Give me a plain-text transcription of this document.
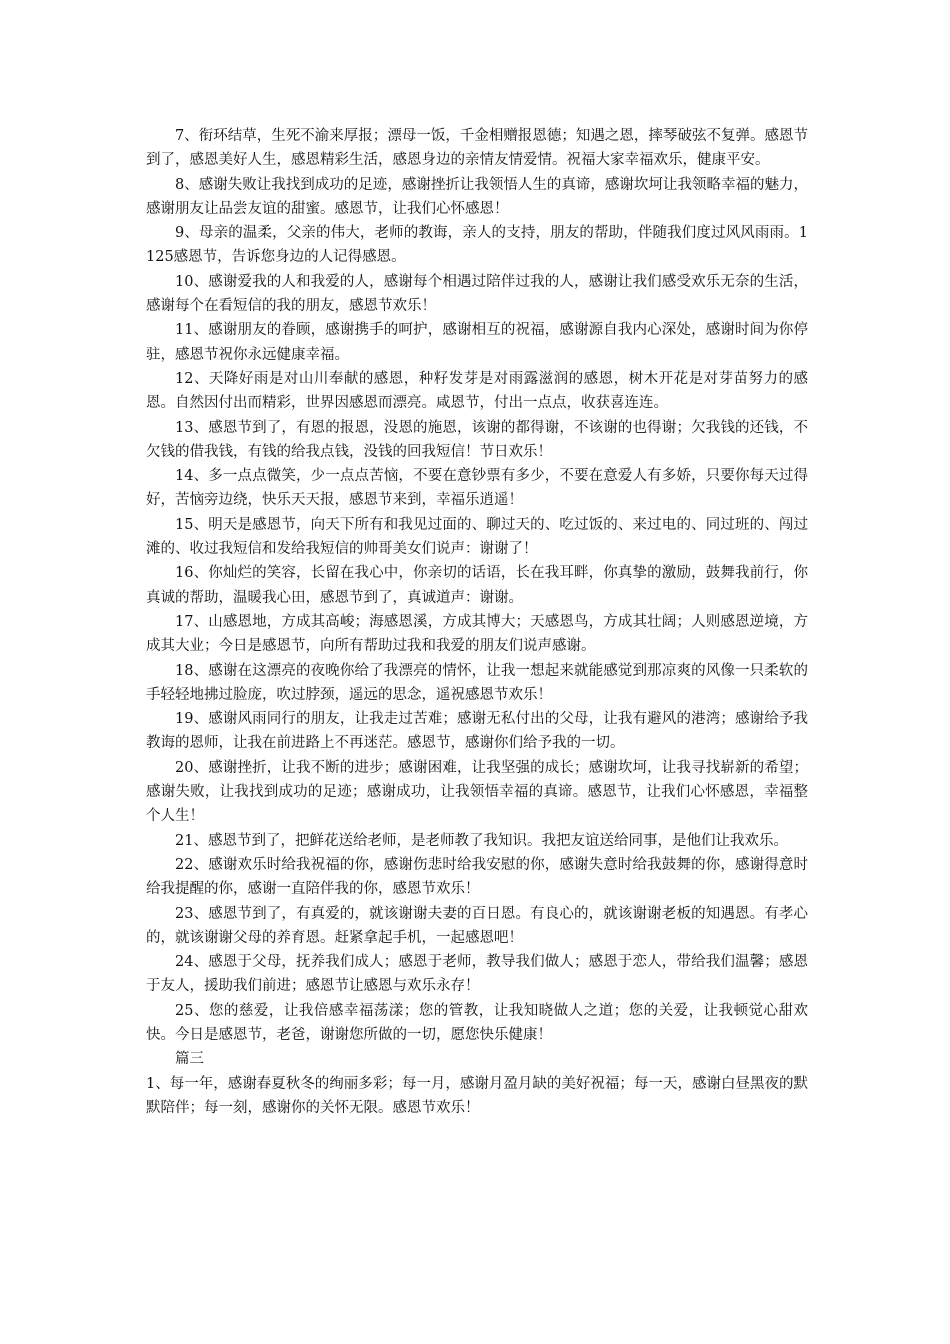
7、衔环结草，生死不渝来厚报；漂母一饭，千金相赠报恩德；知遇之恩，摔琴破弦不复弹。感恩节到了，感恩美好人生，感恩精彩生活，感恩身边的亲情友情爱情。祝福大家幸福欢乐，健康平安。

8、感谢失败让我找到成功的足迹，感谢挫折让我领悟人生的真谛，感谢坎坷让我领略幸福的魅力，感谢朋友让品尝友谊的甜蜜。感恩节，让我们心怀感恩！

9、母亲的温柔，父亲的伟大，老师的教诲，亲人的支持，朋友的帮助，伴随我们度过风风雨雨。1125感恩节，告诉您身边的人记得感恩。

10、感谢爱我的人和我爱的人，感谢每个相遇过陪伴过我的人，感谢让我们感受欢乐无奈的生活，感谢每个在看短信的我的朋友，感恩节欢乐！

11、感谢朋友的眷顾，感谢携手的呵护，感谢相互的祝福，感谢源自我内心深处，感谢时间为你停驻，感恩节祝你永远健康幸福。

12、天降好雨是对山川奉献的感恩，种籽发芽是对雨露滋润的感恩，树木开花是对芽苗努力的感恩。自然因付出而精彩，世界因感恩而漂亮。咸恩节，付出一点点，收获喜连连。

13、感恩节到了，有恩的报恩，没恩的施恩，该谢的都得谢，不该谢的也得谢；欠我钱的还钱，不欠钱的借我钱，有钱的给我点钱，没钱的回我短信！节日欢乐！

14、多一点点微笑，少一点点苦恼，不要在意钞票有多少，不要在意爱人有多娇，只要你每天过得好，苦恼旁边绕，快乐天天报，感恩节来到，幸福乐逍遥！

15、明天是感恩节，向天下所有和我见过面的、聊过天的、吃过饭的、来过电的、同过班的、闯过滩的、收过我短信和发给我短信的帅哥美女们说声：谢谢了！

16、你灿烂的笑容，长留在我心中，你亲切的话语，长在我耳畔，你真挚的激励，鼓舞我前行，你真诚的帮助，温暖我心田，感恩节到了，真诚道声：谢谢。

17、山感恩地，方成其高峻；海感恩溪，方成其博大；天感恩鸟，方成其壮阔；人则感恩逆境，方成其大业；今日是感恩节，向所有帮助过我和我爱的朋友们说声感谢。

18、感谢在这漂亮的夜晚你给了我漂亮的情怀，让我一想起来就能感觉到那凉爽的风像一只柔软的手轻轻地拂过脸庞，吹过脖颈，遥远的思念，遥祝感恩节欢乐！

19、感谢风雨同行的朋友，让我走过苦难；感谢无私付出的父母，让我有避风的港湾；感谢给予我教诲的恩师，让我在前进路上不再迷茫。感恩节，感谢你们给予我的一切。

20、感谢挫折，让我不断的进步；感谢困难，让我坚强的成长；感谢坎坷，让我寻找崭新的希望；感谢失败，让我找到成功的足迹；感谢成功，让我领悟幸福的真谛。感恩节，让我们心怀感恩，幸福整个人生！

21、感恩节到了，把鲜花送给老师，是老师教了我知识。我把友谊送给同事，是他们让我欢乐。

22、感谢欢乐时给我祝福的你，感谢伤悲时给我安慰的你，感谢失意时给我鼓舞的你，感谢得意时给我提醒的你，感谢一直陪伴我的你，感恩节欢乐！

23、感恩节到了，有真爱的，就该谢谢夫妻的百日恩。有良心的，就该谢谢老板的知遇恩。有孝心的，就该谢谢父母的养育恩。赶紧拿起手机，一起感恩吧！

24、感恩于父母，抚养我们成人；感恩于老师，教导我们做人；感恩于恋人，带给我们温馨；感恩于友人，援助我们前进；感恩节让感恩与欢乐永存！

25、您的慈爱，让我倍感幸福荡漾；您的管教，让我知晓做人之道；您的关爱，让我顿觉心甜欢快。今日是感恩节，老爸，谢谢您所做的一切，愿您快乐健康！

篇三

1、每一年，感谢春夏秋冬的绚丽多彩；每一月，感谢月盈月缺的美好祝福；每一天，感谢白昼黑夜的默默陪伴；每一刻，感谢你的关怀无限。感恩节欢乐！
